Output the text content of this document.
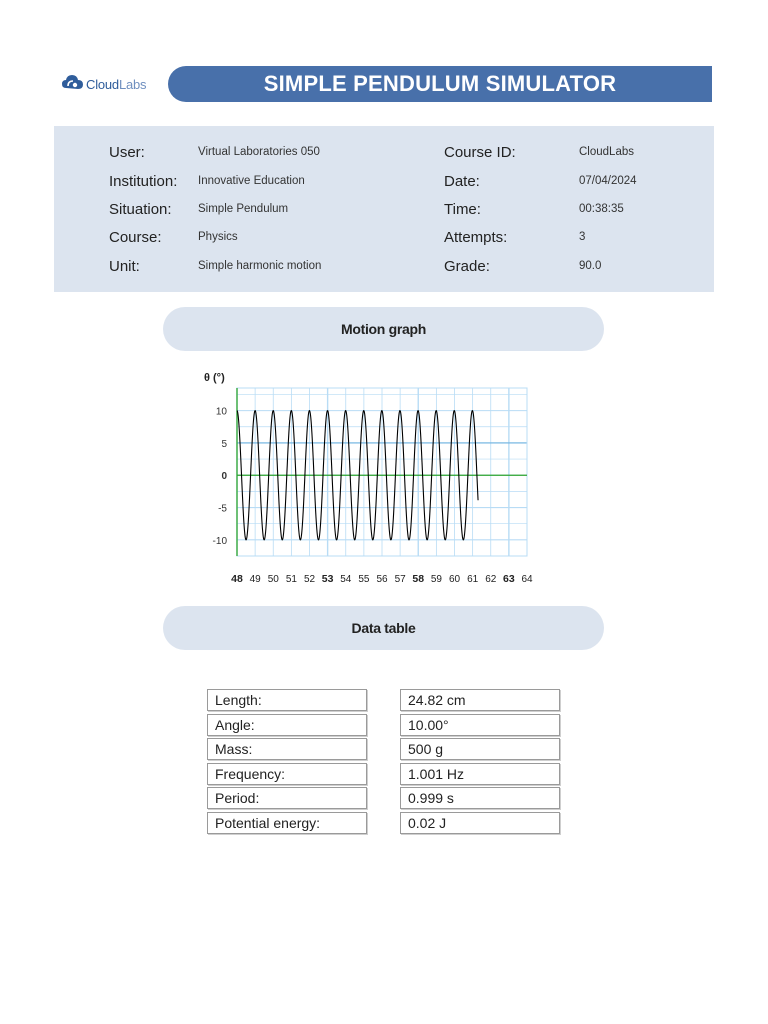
CloudLabs	SIMPLE PENDULUM SIMULATOR
User:	Virtual Laboratories 050
Institution: Innovative Education
Situation: Simple Pendulum
Course:	Physics
Unit:	Simple harmonic motion
Course ID:	CloudLabs
Date:	07/04/2024
Time:	00:38:35
Attempts:	3
Grade:	90.0
Motion graph
θ (°)
10
5
0
-5
-10
48 49 50 51 52 53 54 55 56 57 58 59 60 61 62 63 64
Data table
Length:	24.82 cm
Angle:	10.00°
Mass:	500 g
Frequency:	1.001 Hz
Period:	0.999 s
Potential energy:	0.02 J
